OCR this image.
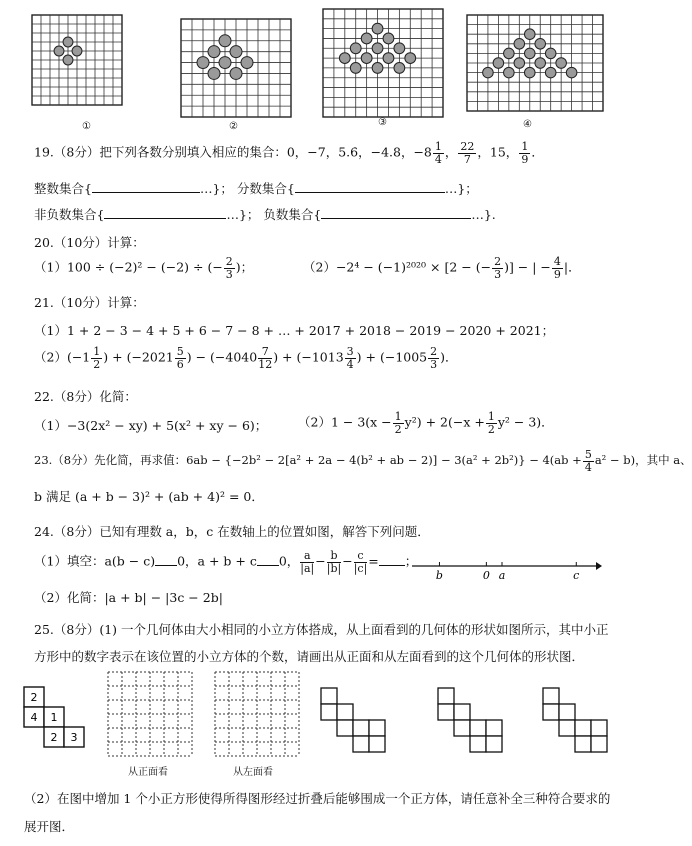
①	②	③	④
19.（8分）把下列各数分别填入相应的集合：0，−7，5.6̇，−4.8，$-8 \frac{1}{4}$ ， $\frac{22}{7}$ ，15， $\frac{1}{9}$ ．
整数集合{	…}； 分数集合{	…}；
非负数集合{	…}； 负数集合{	…}.
20.（10分）计算：
（1）100 ÷ (−2)² − (−2) ÷ (− $\frac{2}{3}$ )；	（2）−2⁴ − (−1)²⁰²⁰ × [2 − (− $\frac{2}{3}$ )] − | − $\frac{4}{9}$ |．
21.（10分）计算：
（1）1 + 2 − 3 − 4 + 5 + 6 − 7 − 8 + … + 2017 + 2018 − 2019 − 2020 + 2021；
$(2)(-1 \frac{1}{2}$ ) + ($-2021 \frac{5}{6}$ ) − ($-4040 \frac{7}{12}$ ) + ($-1013 \frac{3}{4}$ ) + ($-1005 \frac{2}{3}$ )．
22.（8分）化简：
（1）−3(2x² − xy) + 5(x² + xy − 6)； $(2)1 - 3(x - \frac{1}{2} y^2) + 2(-x + \frac{1}{2} y^2 - 3)$．
23.（8分）先化简，再求值：6ab − {−2b² − 2[a² + 2a − 4(b² + ab − $2)] - 3(a^2 + 2b^2)\} - 4(ab + \frac{5}{4} a^2 - b)$，其中 a、
b 满足 (a + b − 3)² + (ab + 4)² = 0．
24.（8分）已知有理数 a，b，c 在数轴上的位置如图，解答下列问题．
（1）填空：a(b − c) 0，a + b + c 0， $\frac{a}{|a|} - \frac{b}{|b|} - \frac{c}{|c|}$ = ；
b	0 a	c
（2）化简：|a + b| − |3c − 2b|
25.（8分）(1) 一个几何体由大小相同的小立方体搭成，从上面看到的几何体的形状如图所示，其中小正
方形中的数字表示在该位置的小立方体的个数，请画出从正面和从左面看到的这个几何体的形状图．
2
4 1
2 3
从正面看	从左面看
（2）在图中增加 1 个小正方形使得所得图形经过折叠后能够围成一个正方体，请任意补全三种符合要求的
展开图．
